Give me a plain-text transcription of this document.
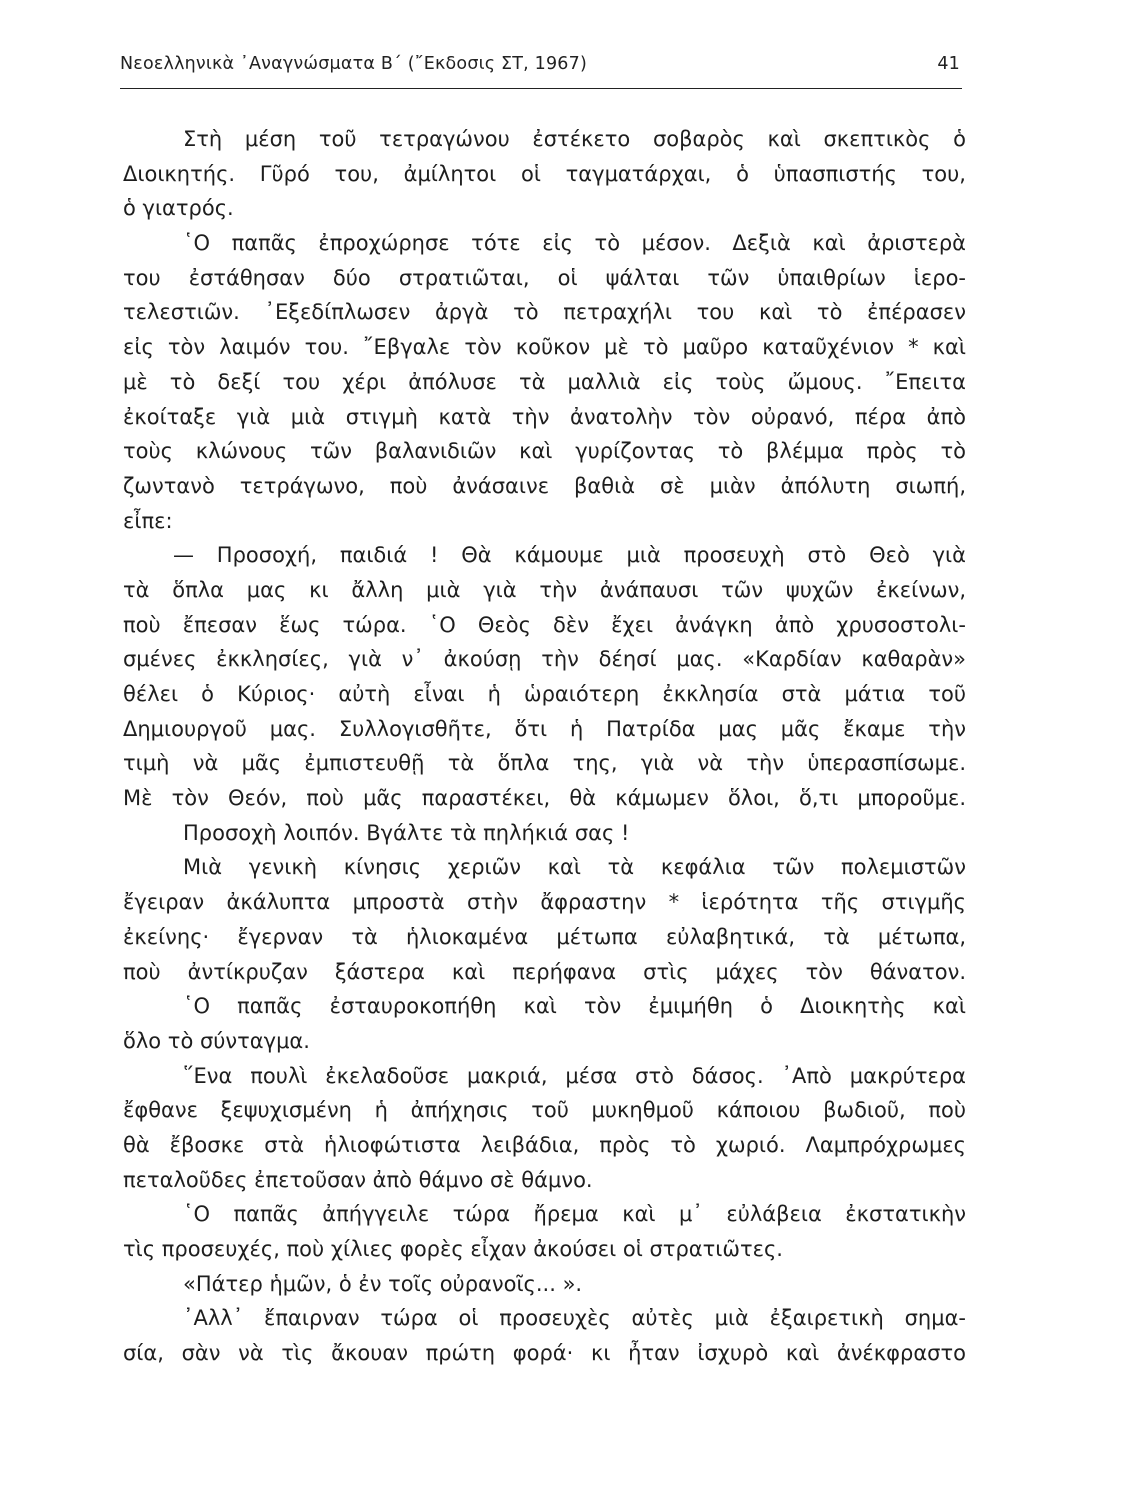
Νεοελληνικὰ ᾿Αναγνώσματα Β΄ (῎Εκδοσις ΣΤ, 1967)	41
Στὴ μέση τοῦ τετραγώνου ἐστέκετο σοβαρὸς καὶ σκεπτικὸς ὁ
Διοικητής. Γῦρό του, ἀμίλητοι οἱ ταγματάρχαι, ὁ ὑπασπιστής του,
ὁ γιατρός.
῾Ο παπᾶς ἐπροχώρησε τότε εἰς τὸ μέσον. Δεξιὰ καὶ ἀριστερὰ
του ἐστάθησαν δύο στρατιῶται, οἱ ψάλται τῶν ὑπαιθρίων ἱερο-
τελεστιῶν. ᾿Εξεδίπλωσεν ἀργὰ τὸ πετραχήλι του καὶ τὸ ἐπέρασεν
εἰς τὸν λαιμόν του. ῎Εβγαλε τὸν κοῦκον μὲ τὸ μαῦρο καταῦχένιον * καὶ
μὲ τὸ δεξί του χέρι ἀπόλυσε τὰ μαλλιὰ εἰς τοὺς ὤμους. ῎Επειτα
ἐκοίταξε γιὰ μιὰ στιγμὴ κατὰ τὴν ἀνατολὴν τὸν οὐρανό, πέρα ἀπὸ
τοὺς κλώνους τῶν βαλανιδιῶν καὶ γυρίζοντας τὸ βλέμμα πρὸς τὸ
ζωντανὸ τετράγωνο, ποὺ ἀνάσαινε βαθιὰ σὲ μιὰν ἀπόλυτη σιωπή,
εἶπε:
— Προσοχή, παιδιά ! Θὰ κάμουμε μιὰ προσευχὴ στὸ Θεὸ γιὰ
τὰ ὅπλα μας κι ἄλλη μιὰ γιὰ τὴν ἀνάπαυσι τῶν ψυχῶν ἐκείνων,
ποὺ ἔπεσαν ἕως τώρα. ῾Ο Θεὸς δὲν ἔχει ἀνάγκη ἀπὸ χρυσοστολι-
σμένες ἐκκλησίες, γιὰ ν᾿ ἀκούσῃ τὴν δέησί μας. «Καρδίαν καθαρὰν»
θέλει ὁ Κύριος· αὐτὴ εἶναι ἡ ὡραιότερη ἐκκλησία στὰ μάτια τοῦ
Δημιουργοῦ μας. Συλλογισθῆτε, ὅτι ἡ Πατρίδα μας μᾶς ἔκαμε τὴν
τιμὴ νὰ μᾶς ἐμπιστευθῇ τὰ ὅπλα της, γιὰ νὰ τὴν ὑπερασπίσωμε.
Μὲ τὸν Θεόν, ποὺ μᾶς παραστέκει, θὰ κάμωμεν ὅλοι, ὅ,τι μποροῦμε.
Προσοχὴ λοιπόν. Βγάλτε τὰ πηλήκιά σας !
Μιὰ γενικὴ κίνησις χεριῶν καὶ τὰ κεφάλια τῶν πολεμιστῶν
ἔγειραν ἀκάλυπτα μπροστὰ στὴν ἄφραστην * ἱερότητα τῆς στιγμῆς
ἐκείνης· ἔγερναν τὰ ἡλιοκαμένα μέτωπα εὐλαβητικά, τὰ μέτωπα,
ποὺ ἀντίκρυζαν ξάστερα καὶ περήφανα στὶς μάχες τὸν θάνατον.
῾Ο παπᾶς ἐσταυροκοπήθη καὶ τὸν ἐμιμήθη ὁ Διοικητὴς καὶ
ὅλο τὸ σύνταγμα.
῞Ενα πουλὶ ἐκελαδοῦσε μακριά, μέσα στὸ δάσος. ᾿Απὸ μακρύτερα
ἔφθανε ξεψυχισμένη ἡ ἀπήχησις τοῦ μυκηθμοῦ κάποιου βωδιοῦ, ποὺ
θὰ ἔβοσκε στὰ ἡλιοφώτιστα λειβάδια, πρὸς τὸ χωριό. Λαμπρόχρωμες
πεταλοῦδες ἐπετοῦσαν ἀπὸ θάμνο σὲ θάμνο.
῾Ο παπᾶς ἀπήγγειλε τώρα ἤρεμα καὶ μ᾿ εὐλάβεια ἐκστατικὴν
τὶς προσευχές, ποὺ χίλιες φορὲς εἶχαν ἀκούσει οἱ στρατιῶτες.
«Πάτερ ἡμῶν, ὁ ἐν τοῖς οὐρανοῖς... ».
᾿Αλλ᾿ ἔπαιρναν τώρα οἱ προσευχὲς αὐτὲς μιὰ ἐξαιρετικὴ σημα-
σία, σὰν νὰ τὶς ἄκουαν πρώτη φορά· κι ἦταν ἰσχυρὸ καὶ ἀνέκφραστο
